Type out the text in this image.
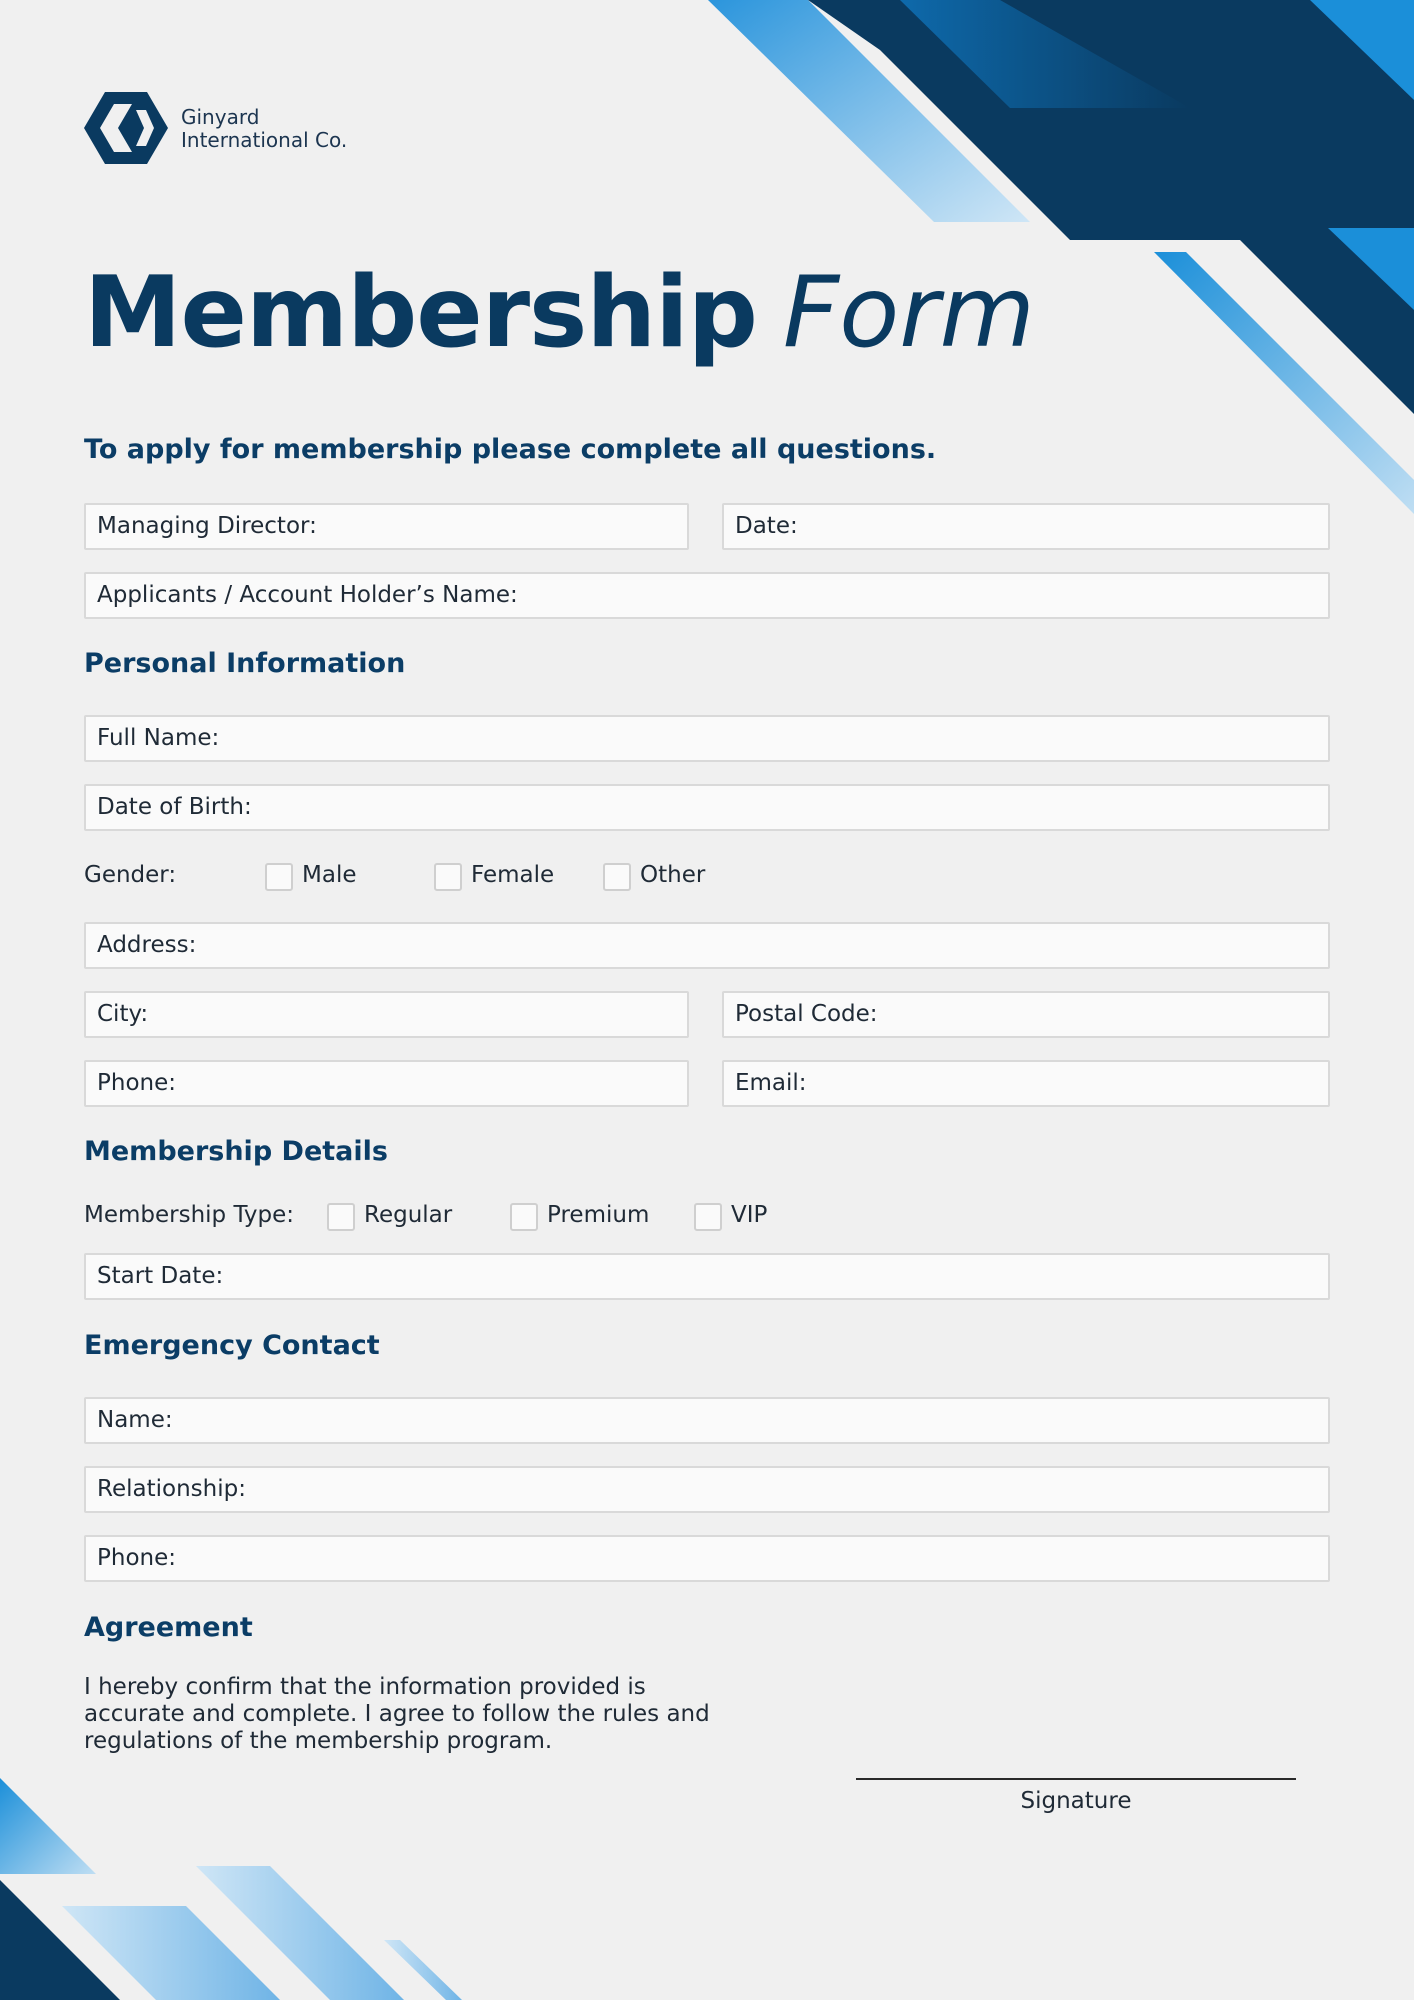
Ginyard
International Co.
Membership Form
To apply for membership please complete all questions.
Managing Director:	Date:
Applicants / Account Holder’s Name:
Personal Information
Full Name:
Date of Birth:
Gender:	Male	Female	Other
Address:
City:	Postal Code:
Phone:	Email:
Membership Details
Membership Type:	Regular	Premium	VIP
Start Date:
Emergency Contact
Name:
Relationship:
Phone:
Agreement
I hereby confirm that the information provided is accurate and complete. I agree to follow the rules and regulations of the membership program.
Signature
